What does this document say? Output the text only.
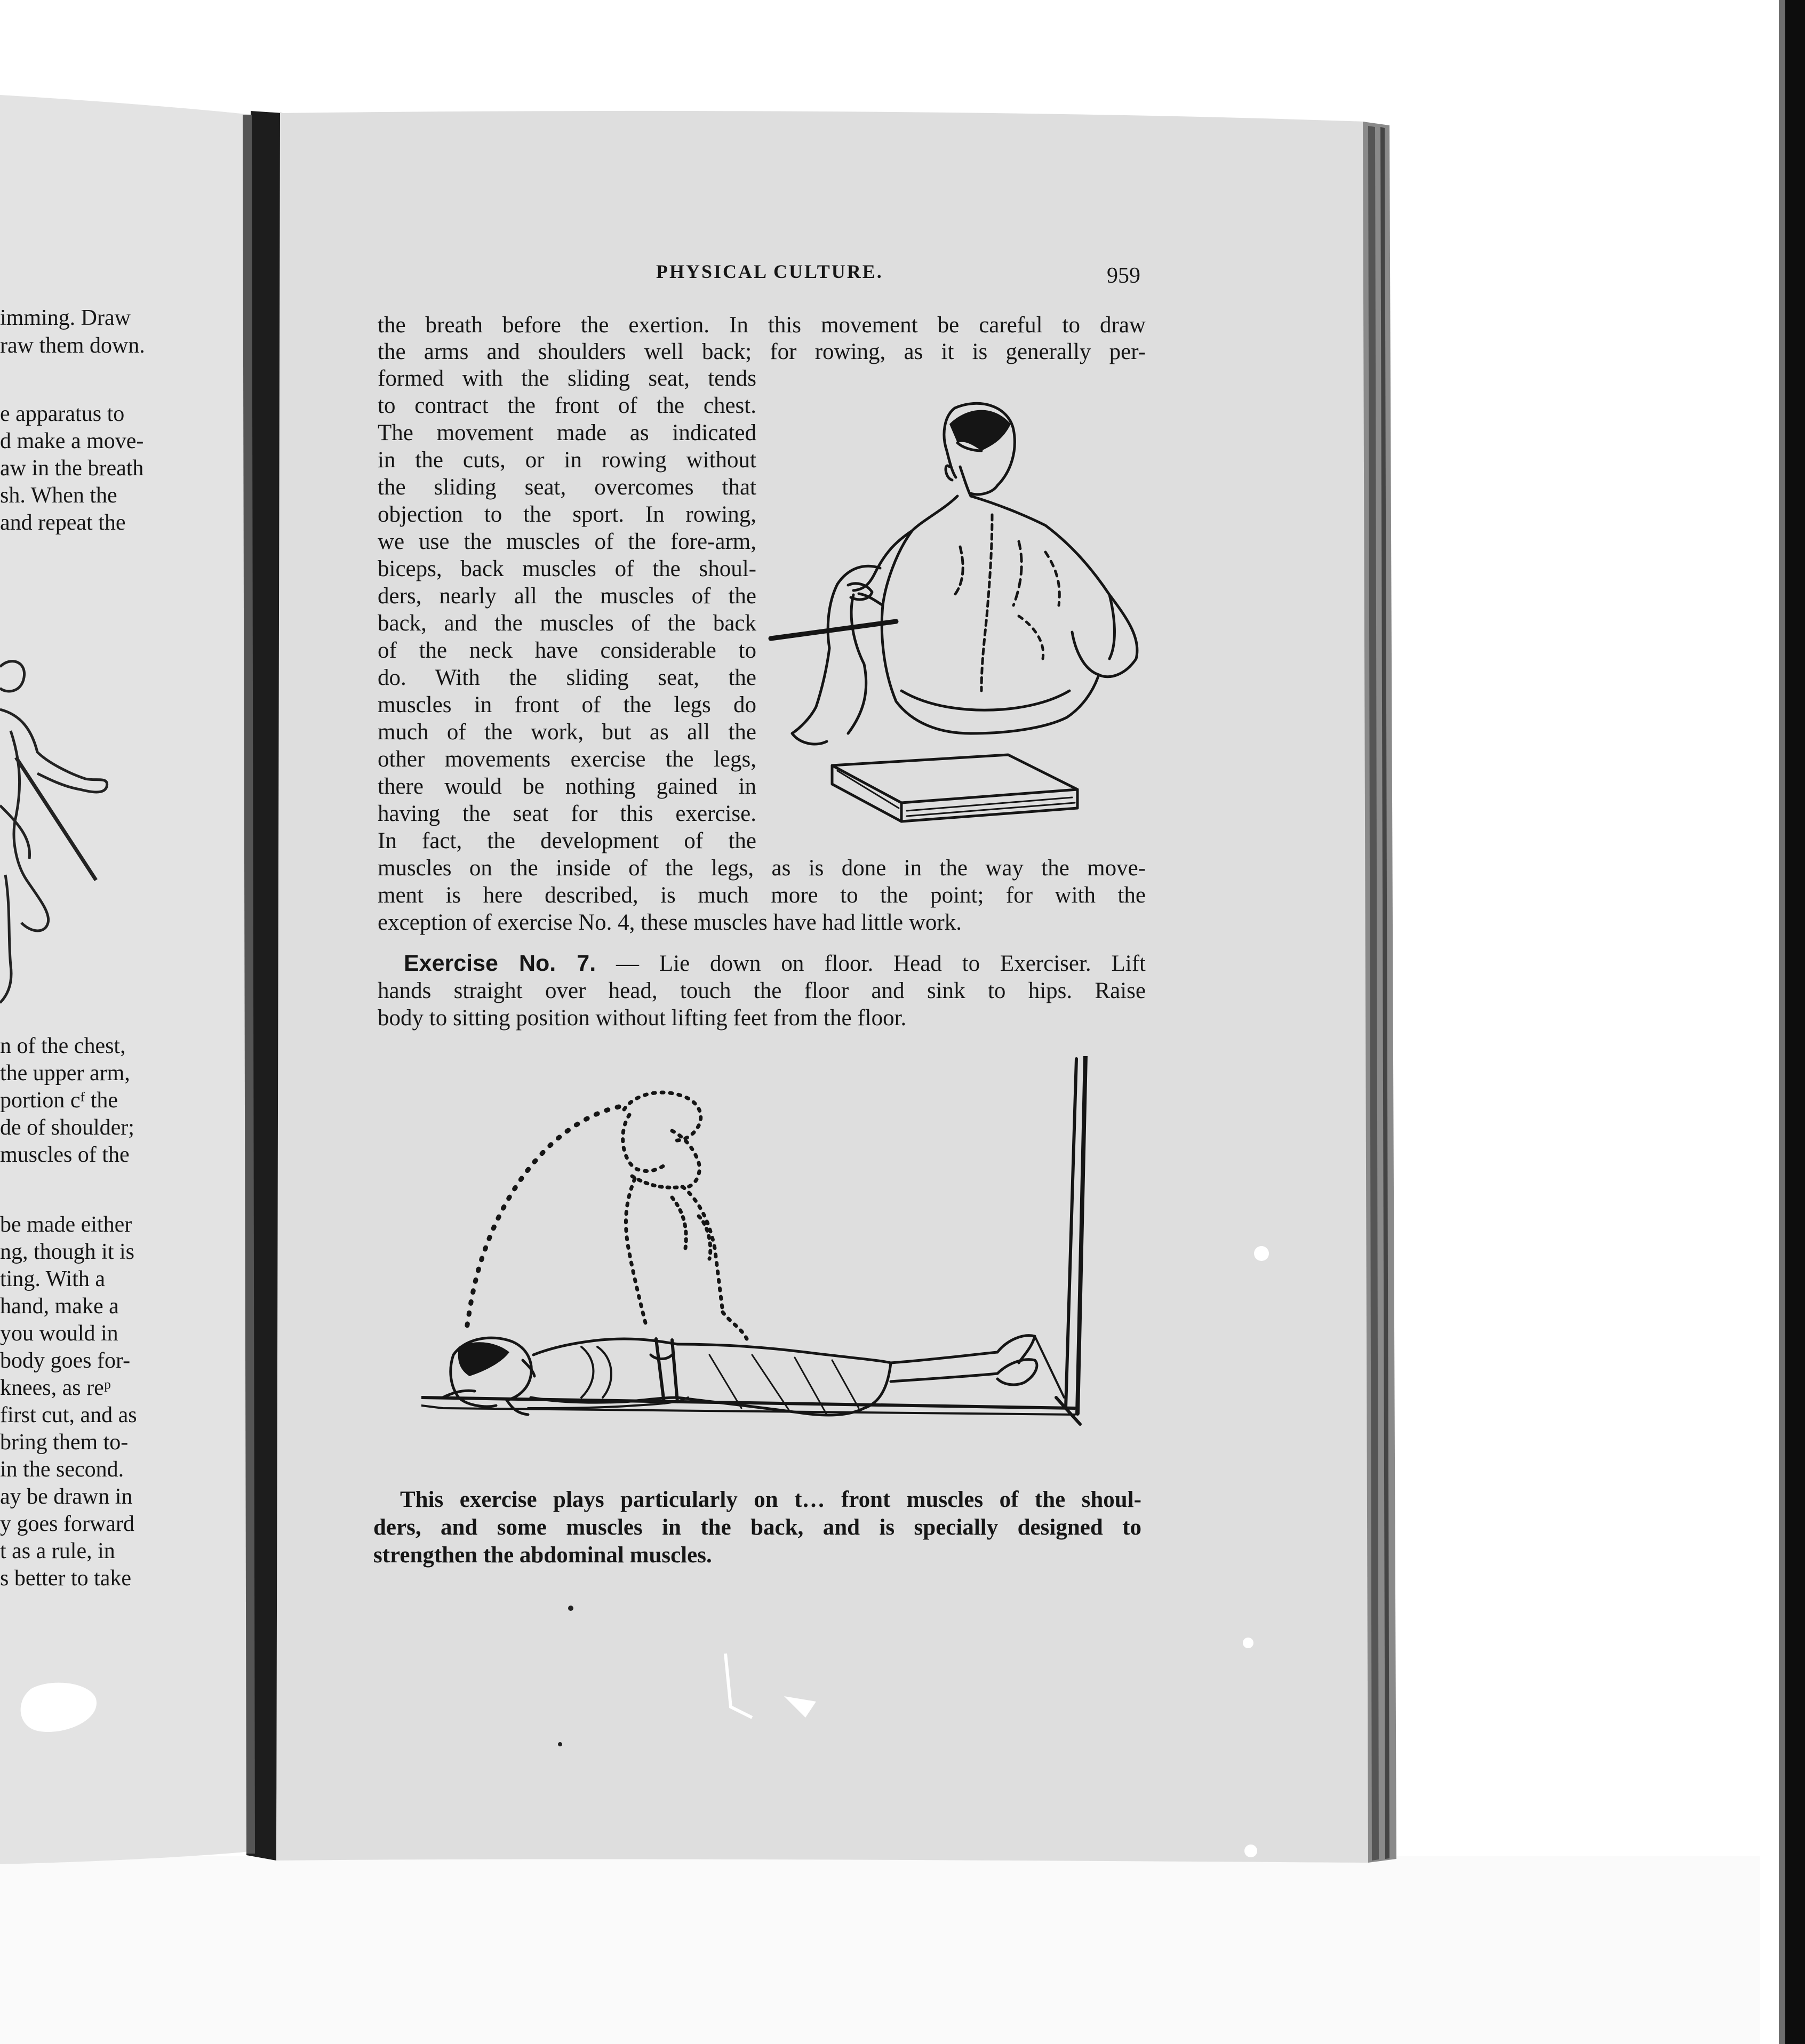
imming. Draw

raw them down.

e apparatus to

d make a move-

aw in the breath

sh. When the

and repeat the

n of the chest,

the upper arm,

portion cᶠ the

de of shoulder;

muscles of the

be made either

ng, though it is

ting. With a

hand, make a

you would in

body goes for-

knees, as reᵖ

first cut, and as

bring them to-

in the second.

ay be drawn in

y goes forward

t as a rule, in

s better to take

PHYSICAL CULTURE.	959

the breath before the exertion. In this movement be careful to draw

the arms and shoulders well back; for rowing, as it is generally per-

formed with the sliding seat, tends

to contract the front of the chest.

The movement made as indicated

in the cuts, or in rowing without

the sliding seat, overcomes that

objection to the sport. In rowing,

we use the muscles of the fore-arm,

biceps, back muscles of the shoul-

ders, nearly all the muscles of the

back, and the muscles of the back

of the neck have considerable to

do. With the sliding seat, the

muscles in front of the legs do

much of the work, but as all the

other movements exercise the legs,

there would be nothing gained in

having the seat for this exercise.

In fact, the development of the

muscles on the inside of the legs, as is done in the way the move-

ment is here described, is much more to the point; for with the

exception of exercise No. 4, these muscles have had little work.

Exercise No. 7. — Lie down on floor. Head to Exerciser. Lift

hands straight over head, touch the floor and sink to hips. Raise

body to sitting position without lifting feet from the floor.

This exercise plays particularly on t… front muscles of the shoul-

ders, and some muscles in the back, and is specially designed to

strengthen the abdominal muscles.
